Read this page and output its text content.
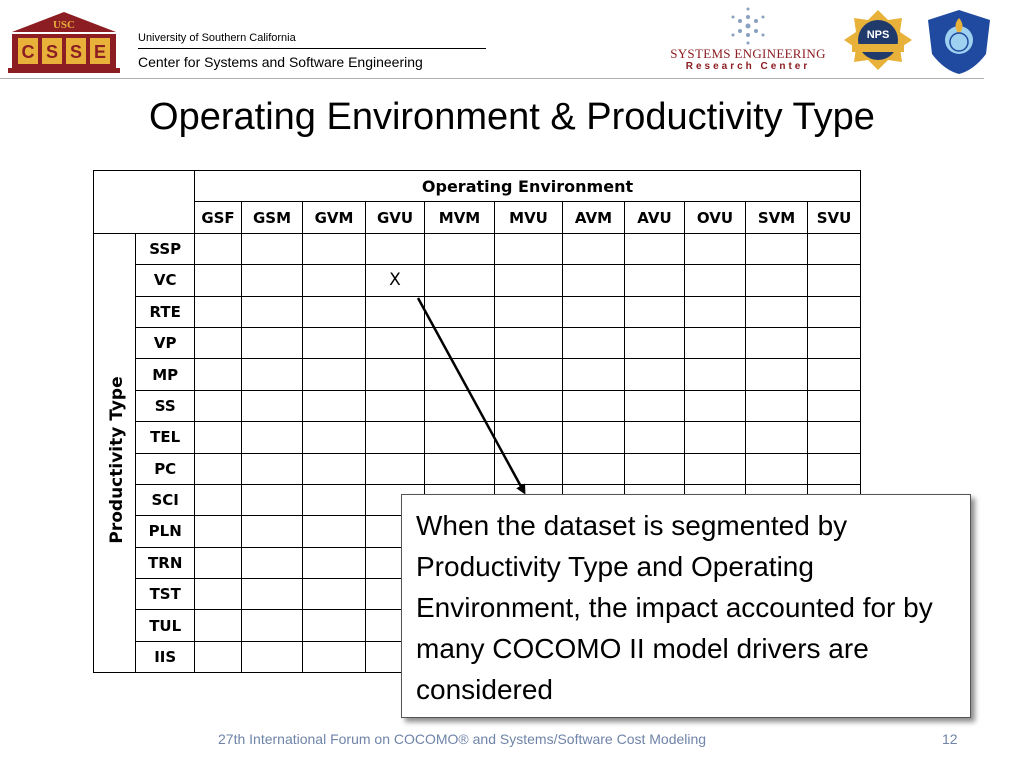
USC
C S S E
University of Southern California
Center for Systems and Software Engineering
SYSTEMS ENGINEERING
Research Center
NPS
Operating Environment & Productivity Type
		Operating Environment										
		GSF	GSM	GVM	GVU	MVM	MVU	AVM	AVU	OVU	SVM	SVU
	SSP											
	VC				X							
	RTE											
	VP											
	MP											
	SS											
	TEL											
	PC											
	SCI											
	PLN											
	TRN											
	TST											
	TUL											
	IIS											
Productivity Type	When the dataset is segmented by Productivity Type and Operating Environment, the impact accounted for by many COCOMO II model drivers are considered
27th International Forum on COCOMO® and Systems/Software Cost Modeling	12
